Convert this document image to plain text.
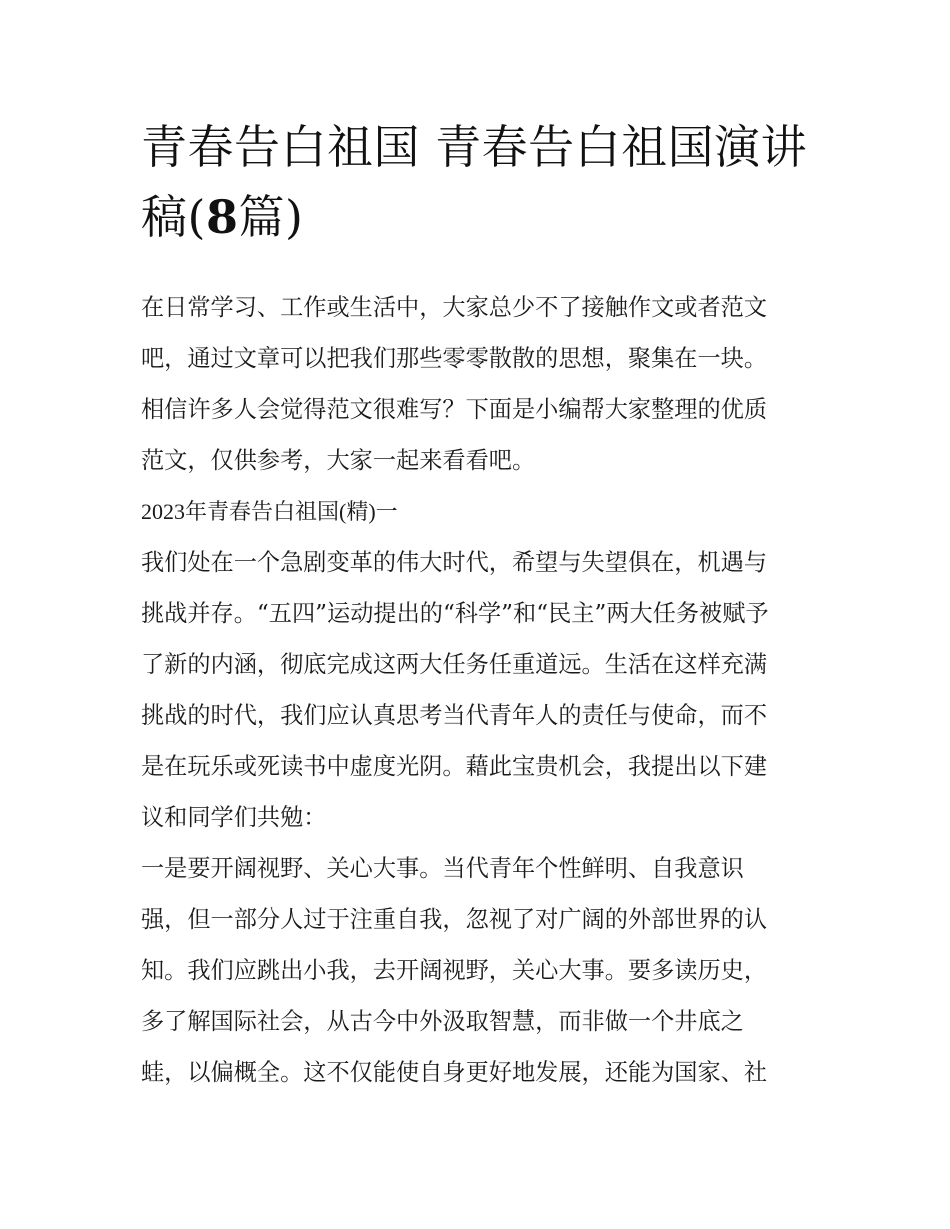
青春告白祖国 青春告白祖国演讲稿(8篇)

在日常学习、工作或生活中，大家总少不了接触作文或者范文
吧，通过文章可以把我们那些零零散散的思想，聚集在一块。
相信许多人会觉得范文很难写？下面是小编帮大家整理的优质
范文，仅供参考，大家一起来看看吧。

2023年青春告白祖国(精)一

我们处在一个急剧变革的伟大时代，希望与失望俱在，机遇与
挑战并存。“五四”运动提出的“科学”和“民主”两大任务被赋予
了新的内涵，彻底完成这两大任务任重道远。生活在这样充满
挑战的时代，我们应认真思考当代青年人的责任与使命，而不
是在玩乐或死读书中虚度光阴。藉此宝贵机会，我提出以下建
议和同学们共勉：

一是要开阔视野、关心大事。当代青年个性鲜明、自我意识
强，但一部分人过于注重自我，忽视了对广阔的外部世界的认
知。我们应跳出小我，去开阔视野，关心大事。要多读历史，
多了解国际社会，从古今中外汲取智慧，而非做一个井底之
蛙，以偏概全。这不仅能使自身更好地发展，还能为国家、社
